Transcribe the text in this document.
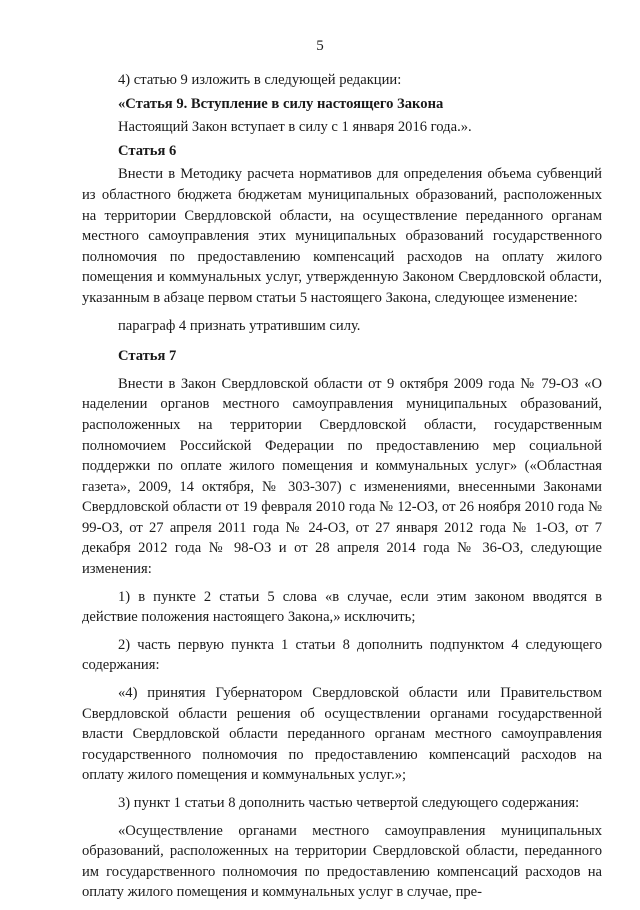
5

4) статью 9 изложить в следующей редакции:

«Статья 9. Вступление в силу настоящего Закона

Настоящий Закон вступает в силу с 1 января 2016 года.».

Статья 6

Внести в Методику расчета нормативов для определения объема субвенций из областного бюджета бюджетам муниципальных образований, расположенных на территории Свердловской области, на осуществление переданного органам местного самоуправления этих муниципальных образований государственного полномочия по предоставлению компенсаций расходов на оплату жилого помещения и коммунальных услуг, утвержденную Законом Свердловской области, указанным в абзаце первом статьи 5 настоящего Закона, следующее изменение:

параграф 4 признать утратившим силу.

Статья 7

Внести в Закон Свердловской области от 9 октября 2009 года № 79-ОЗ «О наделении органов местного самоуправления муниципальных образований, расположенных на территории Свердловской области, государственным полномочием Российской Федерации по предоставлению мер социальной поддержки по оплате жилого помещения и коммунальных услуг» («Областная газета», 2009, 14 октября, № 303-307) с изменениями, внесенными Законами Свердловской области от 19 февраля 2010 года № 12-ОЗ, от 26 ноября 2010 года № 99-ОЗ, от 27 апреля 2011 года № 24-ОЗ, от 27 января 2012 года № 1-ОЗ, от 7 декабря 2012 года № 98-ОЗ и от 28 апреля 2014 года № 36-ОЗ, следующие изменения:

1) в пункте 2 статьи 5 слова «в случае, если этим законом вводятся в действие положения настоящего Закона,» исключить;

2) часть первую пункта 1 статьи 8 дополнить подпунктом 4 следующего содержания:

«4) принятия Губернатором Свердловской области или Правительством Свердловской области решения об осуществлении органами государственной власти Свердловской области переданного органам местного самоуправления государственного полномочия по предоставлению компенсаций расходов на оплату жилого помещения и коммунальных услуг.»;

3) пункт 1 статьи 8 дополнить частью четвертой следующего содержания:

«Осуществление органами местного самоуправления муниципальных образований, расположенных на территории Свердловской области, переданного им государственного полномочия по предоставлению компенсаций расходов на оплату жилого помещения и коммунальных услуг в случае, пре-
